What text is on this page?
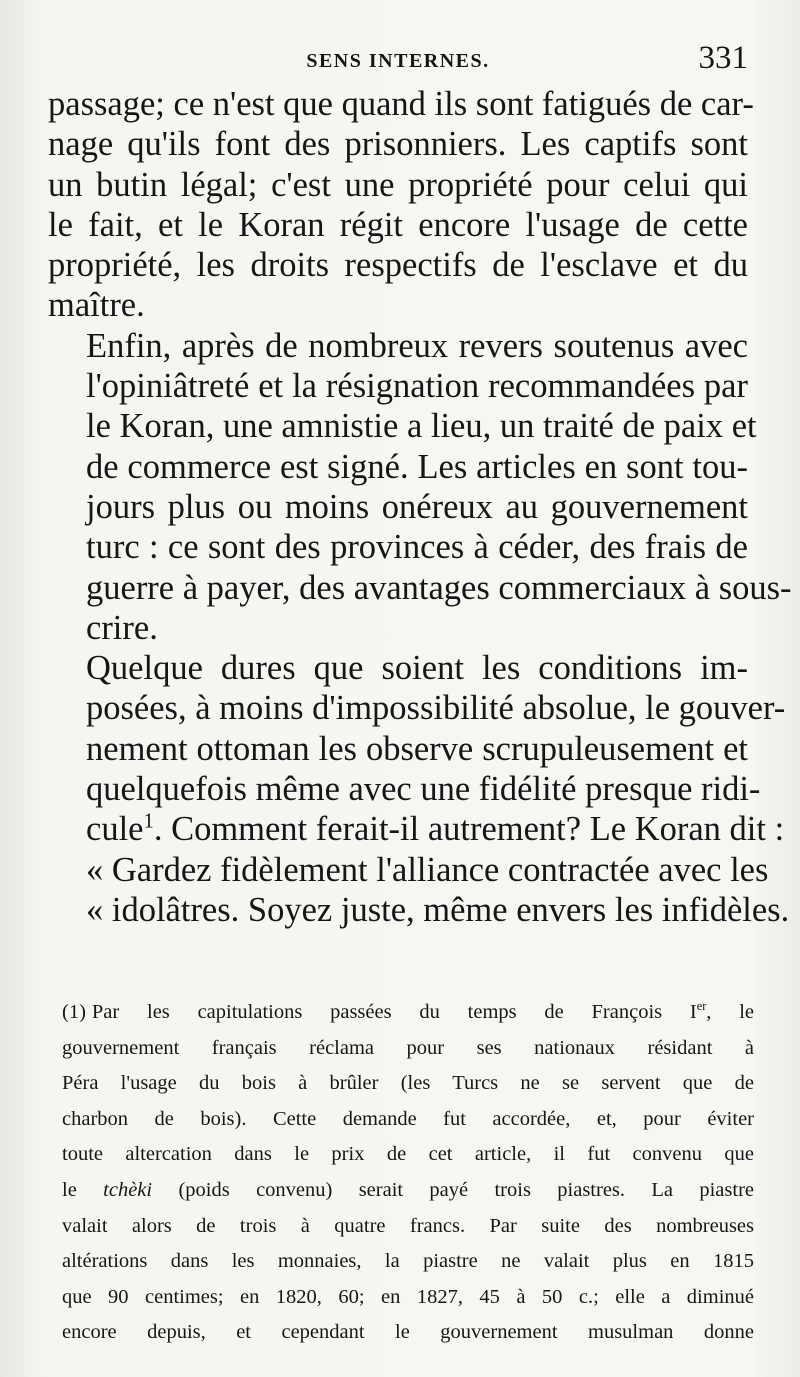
SENS INTERNES.	331

passage; ce n'est que quand ils sont fatigués de car-
nage qu'ils font des prisonniers. Les captifs sont
un butin légal; c'est une propriété pour celui qui
le fait, et le Koran régit encore l'usage de cette
propriété, les droits respectifs de l'esclave et du
maître.

Enfin, après de nombreux revers soutenus avec
l'opiniâtreté et la résignation recommandées par
le Koran, une amnistie a lieu, un traité de paix et
de commerce est signé. Les articles en sont tou-
jours plus ou moins onéreux au gouvernement
turc : ce sont des provinces à céder, des frais de
guerre à payer, des avantages commerciaux à sous-
crire.

Quelque dures que soient les conditions im-
posées, à moins d'impossibilité absolue, le gouver-
nement ottoman les observe scrupuleusement et
quelquefois même avec une fidélité presque ridi-
cule$^1$. Comment ferait-il autrement? Le Koran dit :
« Gardez fidèlement l'alliance contractée avec les
« idolâtres. Soyez juste, même envers les infidèles.

(1) Par les capitulations passées du temps de François Ier, le
gouvernement français réclama pour ses nationaux résidant à
Péra l'usage du bois à brûler (les Turcs ne se servent que de
charbon de bois). Cette demande fut accordée, et, pour éviter
toute altercation dans le prix de cet article, il fut convenu que
le tchèki (poids convenu) serait payé trois piastres. La piastre
valait alors de trois à quatre francs. Par suite des nombreuses
altérations dans les monnaies, la piastre ne valait plus en 1815
que 90 centimes; en 1820, 60; en 1827, 45 à 50 c.; elle a diminué
encore depuis, et cependant le gouvernement musulman donne
